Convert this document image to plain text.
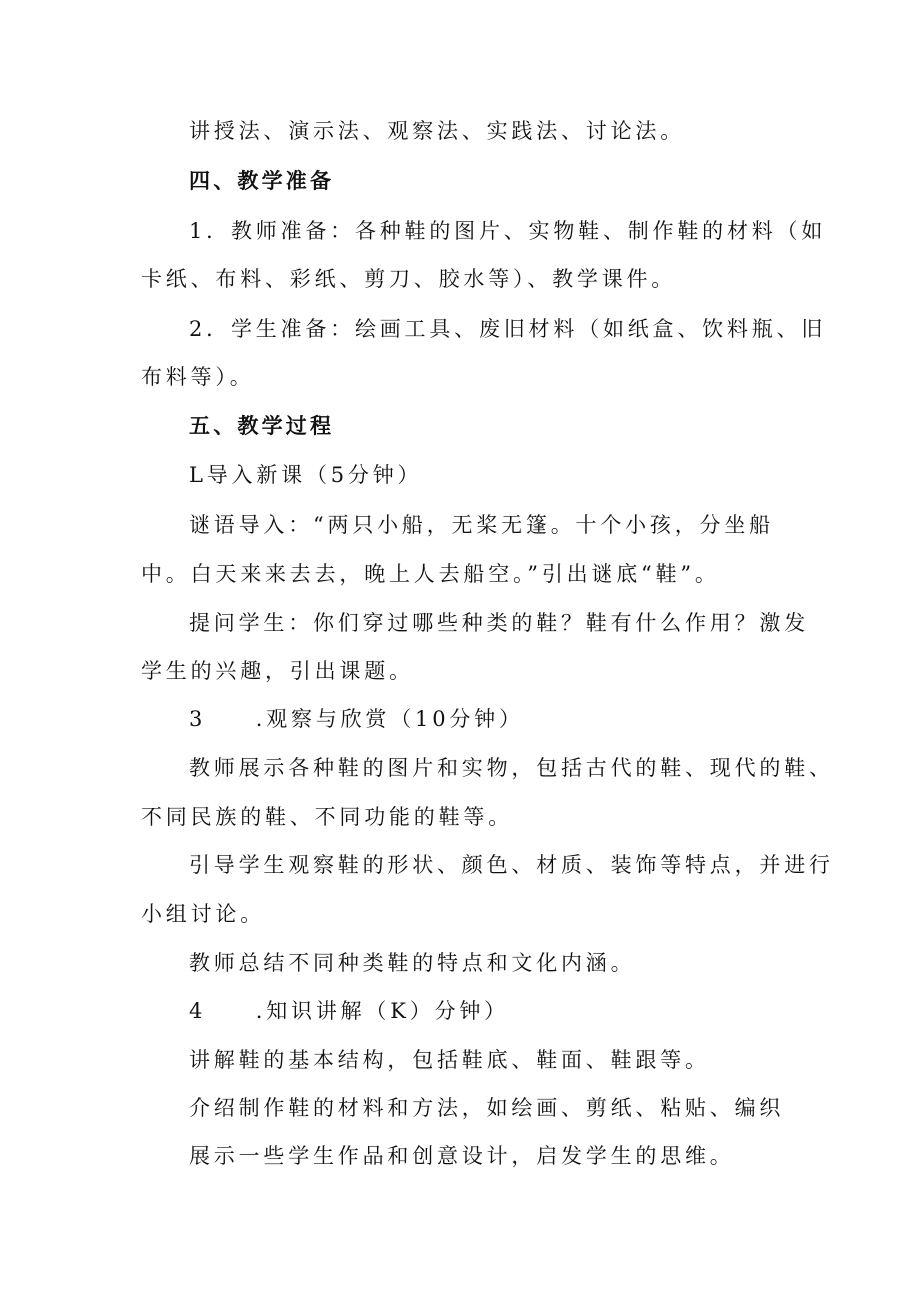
讲授法、演示法、观察法、实践法、讨论法。
四、教学准备
1．教师准备：各种鞋的图片、实物鞋、制作鞋的材料（如
卡纸、布料、彩纸、剪刀、胶水等）、教学课件。
2．学生准备：绘画工具、废旧材料（如纸盒、饮料瓶、旧
布料等）。
五、教学过程
L导入新课（5分钟）
谜语导入：“两只小船，无桨无篷。十个小孩，分坐船
中。白天来来去去，晚上人去船空。”引出谜底“鞋”。
提问学生：你们穿过哪些种类的鞋？鞋有什么作用？激发
学生的兴趣，引出课题。
3　　.观察与欣赏（10分钟）
教师展示各种鞋的图片和实物，包括古代的鞋、现代的鞋、
不同民族的鞋、不同功能的鞋等。
引导学生观察鞋的形状、颜色、材质、装饰等特点，并进行
小组讨论。
教师总结不同种类鞋的特点和文化内涵。
4　　.知识讲解（K）分钟）
讲解鞋的基本结构，包括鞋底、鞋面、鞋跟等。
介绍制作鞋的材料和方法，如绘画、剪纸、粘贴、编织
展示一些学生作品和创意设计，启发学生的思维。
